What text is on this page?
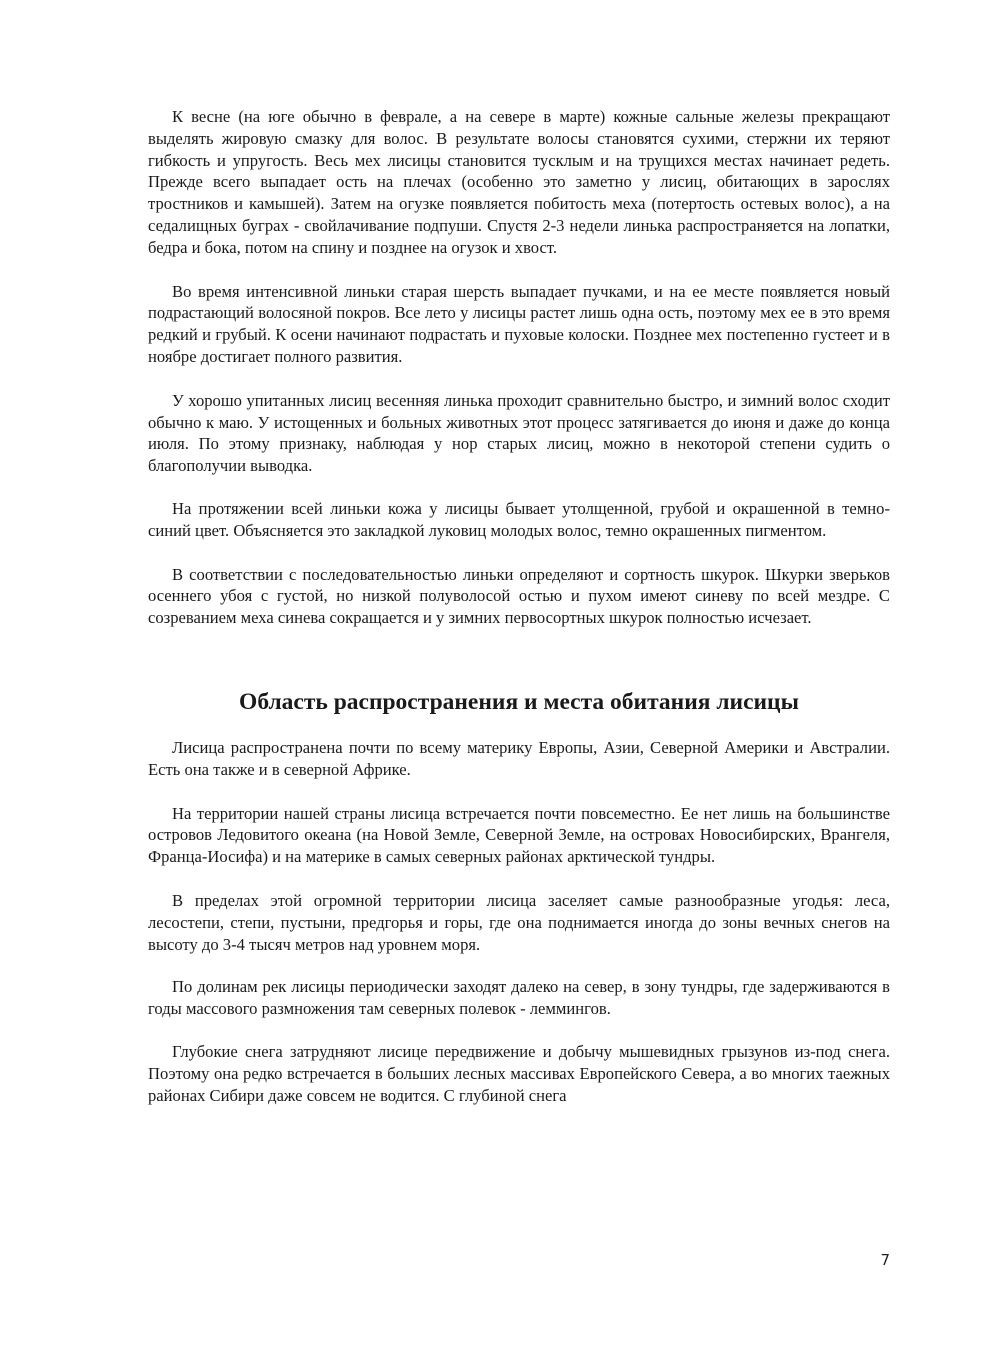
К весне (на юге обычно в феврале, а на севере в марте) кожные сальные железы прекращают выделять жировую смазку для волос. В результате волосы становятся сухими, стержни их теряют гибкость и упругость. Весь мех лисицы становится тусклым и на трущихся местах начинает редеть. Прежде всего выпадает ость на плечах (особенно это заметно у лисиц, обитающих в зарослях тростников и камышей). Затем на огузке появляется побитость меха (потертость остевых волос), а на седалищных буграх - свойлачивание подпуши. Спустя 2-3 недели линька распространяется на лопатки, бедра и бока, потом на спину и позднее на огузок и хвост.

Во время интенсивной линьки старая шерсть выпадает пучками, и на ее месте появляется новый подрастающий волосяной покров. Все лето у лисицы растет лишь одна ость, поэтому мех ее в это время редкий и грубый. К осени начинают подрастать и пуховые колоски. Позднее мех постепенно густеет и в ноябре достигает полного развития.

У хорошо упитанных лисиц весенняя линька проходит сравнительно быстро, и зимний волос сходит обычно к маю. У истощенных и больных животных этот процесс затягивается до июня и даже до конца июля. По этому признаку, наблюдая у нор старых лисиц, можно в некоторой степени судить о благополучии выводка.

На протяжении всей линьки кожа у лисицы бывает утолщенной, грубой и окрашенной в темно-синий цвет. Объясняется это закладкой луковиц молодых волос, темно окрашенных пигментом.

В соответствии с последовательностью линьки определяют и сортность шкурок. Шкурки зверьков осеннего убоя с густой, но низкой полуволосой остью и пухом имеют синеву по всей мездре. С созреванием меха синева сокращается и у зимних первосортных шкурок полностью исчезает.

Область распространения и места обитания лисицы

Лисица распространена почти по всему материку Европы, Азии, Северной Америки и Австралии. Есть она также и в северной Африке.

На территории нашей страны лисица встречается почти повсеместно. Ее нет лишь на большинстве островов Ледовитого океана (на Новой Земле, Северной Земле, на островах Новосибирских, Врангеля, Франца-Иосифа) и на материке в самых северных районах арктической тундры.

В пределах этой огромной территории лисица заселяет самые разнообразные угодья: леса, лесостепи, степи, пустыни, предгорья и горы, где она поднимается иногда до зоны вечных снегов на высоту до 3-4 тысяч метров над уровнем моря.

По долинам рек лисицы периодически заходят далеко на север, в зону тундры, где задерживаются в годы массового размножения там северных полевок - леммингов.

Глубокие снега затрудняют лисице передвижение и добычу мышевидных грызунов из-под снега. Поэтому она редко встречается в больших лесных массивах Европейского Севера, а во многих таежных районах Сибири даже совсем не водится. С глубиной снега

7
